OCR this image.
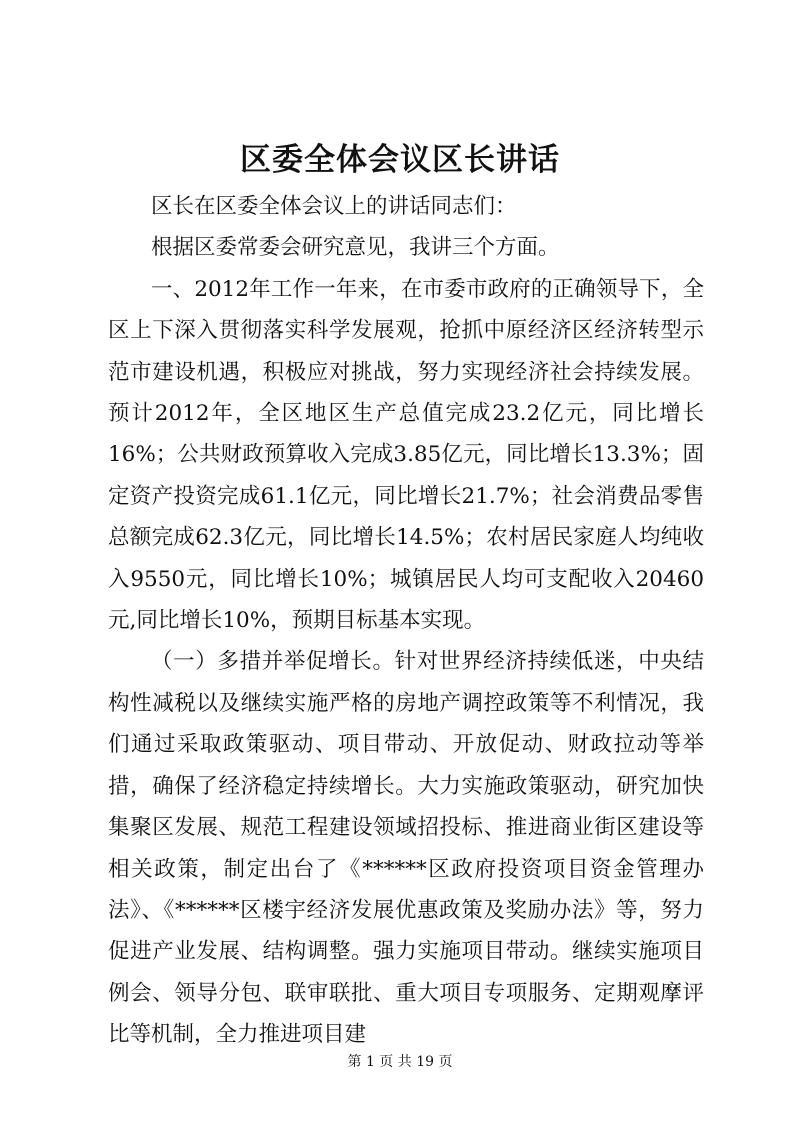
区委全体会议区长讲话

区长在区委全体会议上的讲话同志们：

根据区委常委会研究意见，我讲三个方面。

一、2012年工作一年来，在市委市政府的正确领导下，全区上下深入贯彻落实科学发展观，抢抓中原经济区经济转型示范市建设机遇，积极应对挑战，努力实现经济社会持续发展。预计2012年，全区地区生产总值完成23.2亿元，同比增长16%；公共财政预算收入完成3.85亿元，同比增长13.3%；固定资产投资完成61.1亿元，同比增长21.7%；社会消费品零售总额完成62.3亿元，同比增长14.5%；农村居民家庭人均纯收入9550元，同比增长10%；城镇居民人均可支配收入20460元,同比增长10%，预期目标基本实现。

（一）多措并举促增长。针对世界经济持续低迷，中央结构性减税以及继续实施严格的房地产调控政策等不利情况，我们通过采取政策驱动、项目带动、开放促动、财政拉动等举措，确保了经济稳定持续增长。大力实施政策驱动，研究加快集聚区发展、规范工程建设领域招投标、推进商业街区建设等相关政策，制定出台了《******区政府投资项目资金管理办法》、《******区楼宇经济发展优惠政策及奖励办法》等，努力促进产业发展、结构调整。强力实施项目带动。继续实施项目例会、领导分包、联审联批、重大项目专项服务、定期观摩评比等机制，全力推进项目建

第 1 页 共 19 页
